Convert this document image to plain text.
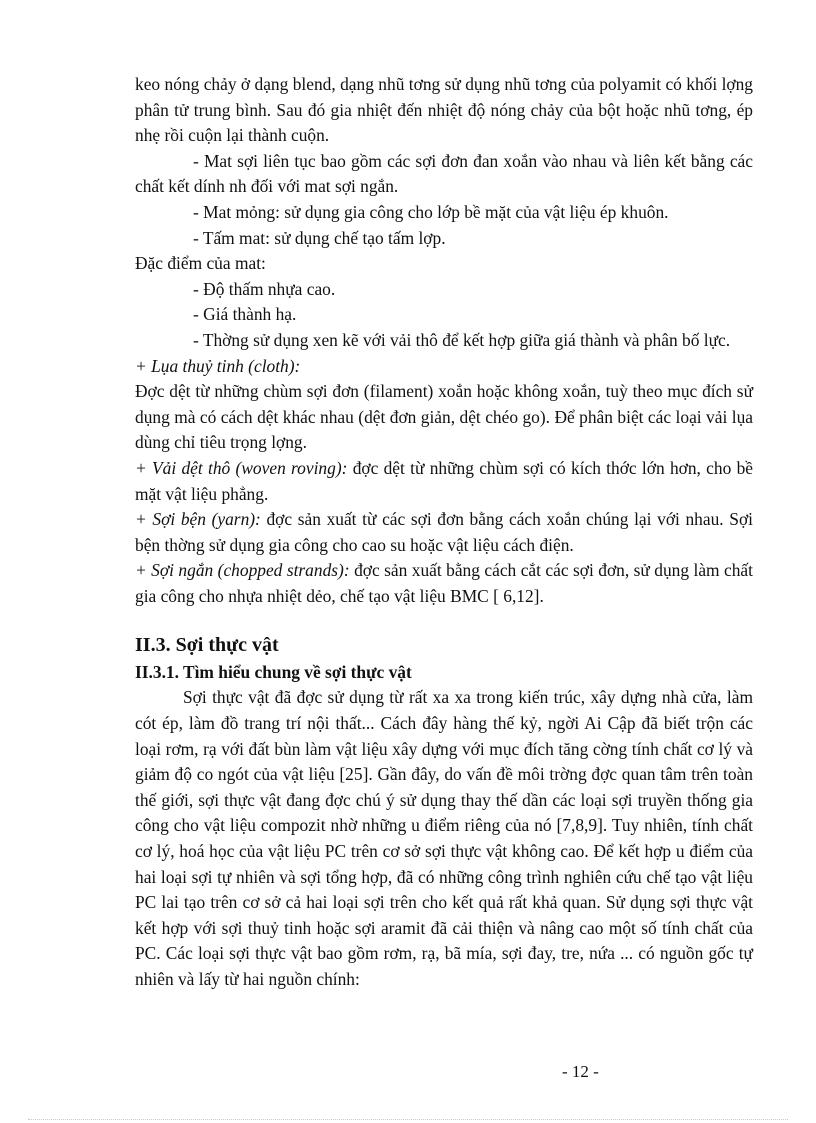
keo nóng chảy ở dạng blend, dạng nhũ tơng sử dụng nhũ tơng của polyamit có khối lợng phân tử trung bình. Sau đó gia nhiệt đến nhiệt độ nóng chảy của bột hoặc nhũ tơng, ép nhẹ rồi cuộn lại thành cuộn.

- Mat sợi liên tục bao gồm các sợi đơn đan xoắn vào nhau và liên kết bằng các chất kết dính nh đối với mat sợi ngắn.

- Mat mỏng: sử dụng gia công cho lớp bề mặt của vật liệu ép khuôn.

- Tấm mat: sử dụng chế tạo tấm lợp.

Đặc điểm của mat:

- Độ thấm nhựa cao.

- Giá thành hạ.

- Thờng sử dụng xen kẽ với vải thô để kết hợp giữa giá thành và phân bố lực.

+ Lụa thuỷ tinh (cloth):

Đợc dệt từ những chùm sợi đơn (filament) xoắn hoặc không xoắn, tuỳ theo mục đích sử dụng mà có cách dệt khác nhau (dệt đơn giản, dệt chéo go). Để phân biệt các loại vải lụa dùng chỉ tiêu trọng lợng.

+ Vải dệt thô (woven roving): đợc dệt từ những chùm sợi có kích thớc lớn hơn, cho bề mặt vật liệu phẳng.

+ Sợi bện (yarn): đợc sản xuất từ các sợi đơn bằng cách xoắn chúng lại với nhau. Sợi bện thờng sử dụng gia công cho cao su hoặc vật liệu cách điện.

+ Sợi ngắn (chopped strands): đợc sản xuất bằng cách cắt các sợi đơn, sử dụng làm chất gia công cho nhựa nhiệt dẻo, chế tạo vật liệu BMC [ 6,12].

II.3. Sợi thực vật
II.3.1. Tìm hiểu chung về sợi thực vật

Sợi thực vật đã đợc sử dụng từ rất xa xa trong kiến trúc, xây dựng nhà cửa, làm cót ép, làm đồ trang trí nội thất... Cách đây hàng thế kỷ, ngời Ai Cập đã biết trộn các loại rơm, rạ với đất bùn làm vật liệu xây dựng với mục đích tăng cờng tính chất cơ lý và giảm độ co ngót của vật liệu [25]. Gần đây, do vấn đề môi trờng đợc quan tâm trên toàn thế giới, sợi thực vật đang đợc chú ý sử dụng thay thế dần các loại sợi truyền thống gia công cho vật liệu compozit nhờ những u điểm riêng của nó [7,8,9]. Tuy nhiên, tính chất cơ lý, hoá học của vật liệu PC trên cơ sở sợi thực vật không cao. Để kết hợp u điểm của hai loại sợi tự nhiên và sợi tổng hợp, đã có những công trình nghiên cứu chế tạo vật liệu PC lai tạo trên cơ sở cả hai loại sợi trên cho kết quả rất khả quan. Sử dụng sợi thực vật kết hợp với sợi thuỷ tinh hoặc sợi aramit đã cải thiện và nâng cao một số tính chất của PC. Các loại sợi thực vật bao gồm rơm, rạ, bã mía, sợi đay, tre, nứa ... có nguồn gốc tự nhiên và lấy từ hai nguồn chính:

- 12 -
